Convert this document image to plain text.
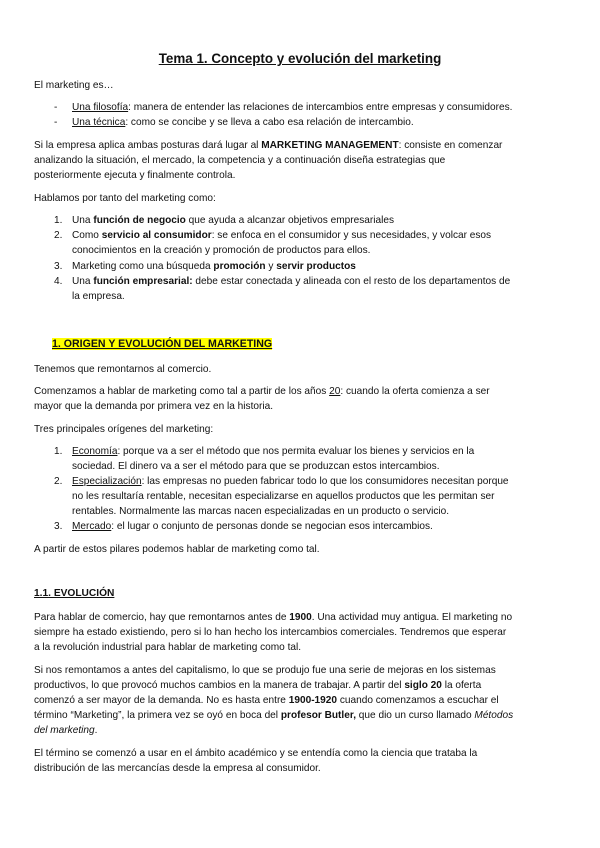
Tema 1. Concepto y evolución del marketing
El marketing es…
- Una filosofía: manera de entender las relaciones de intercambios entre empresas y consumidores.
- Una técnica: como se concibe y se lleva a cabo esa relación de intercambio.
Si la empresa aplica ambas posturas dará lugar al MARKETING MANAGEMENT: consiste en comenzar
analizando la situación, el mercado, la competencia y a continuación diseña estrategias que
posteriormente ejecuta y finalmente controla.
Hablamos por tanto del marketing como:
1. Una función de negocio que ayuda a alcanzar objetivos empresariales
2. Como servicio al consumidor: se enfoca en el consumidor y sus necesidades, y volcar esos
conocimientos en la creación y promoción de productos para ellos.
3. Marketing como una búsqueda promoción y servir productos
4. Una función empresarial: debe estar conectada y alineada con el resto de los departamentos de
la empresa.
1. ORIGEN Y EVOLUCIÓN DEL MARKETING
Tenemos que remontarnos al comercio.
Comenzamos a hablar de marketing como tal a partir de los años 20: cuando la oferta comienza a ser
mayor que la demanda por primera vez en la historia.
Tres principales orígenes del marketing:
1. Economía: porque va a ser el método que nos permita evaluar los bienes y servicios en la
sociedad. El dinero va a ser el método para que se produzcan estos intercambios.
2. Especialización: las empresas no pueden fabricar todo lo que los consumidores necesitan porque
no les resultaría rentable, necesitan especializarse en aquellos productos que les permitan ser
rentables. Normalmente las marcas nacen especializadas en un producto o servicio.
3. Mercado: el lugar o conjunto de personas donde se negocian esos intercambios.
A partir de estos pilares podemos hablar de marketing como tal.
1.1. EVOLUCIÓN
Para hablar de comercio, hay que remontarnos antes de 1900. Una actividad muy antigua. El marketing no
siempre ha estado existiendo, pero si lo han hecho los intercambios comerciales. Tendremos que esperar
a la revolución industrial para hablar de marketing como tal.
Si nos remontamos a antes del capitalismo, lo que se produjo fue una serie de mejoras en los sistemas
productivos, lo que provocó muchos cambios en la manera de trabajar. A partir del siglo 20 la oferta
comenzó a ser mayor de la demanda. No es hasta entre 1900-1920 cuando comenzamos a escuchar el
término “Marketing”, la primera vez se oyó en boca del profesor Butler, que dio un curso llamado Métodos
del marketing.
El término se comenzó a usar en el ámbito académico y se entendía como la ciencia que trataba la
distribución de las mercancías desde la empresa al consumidor.
